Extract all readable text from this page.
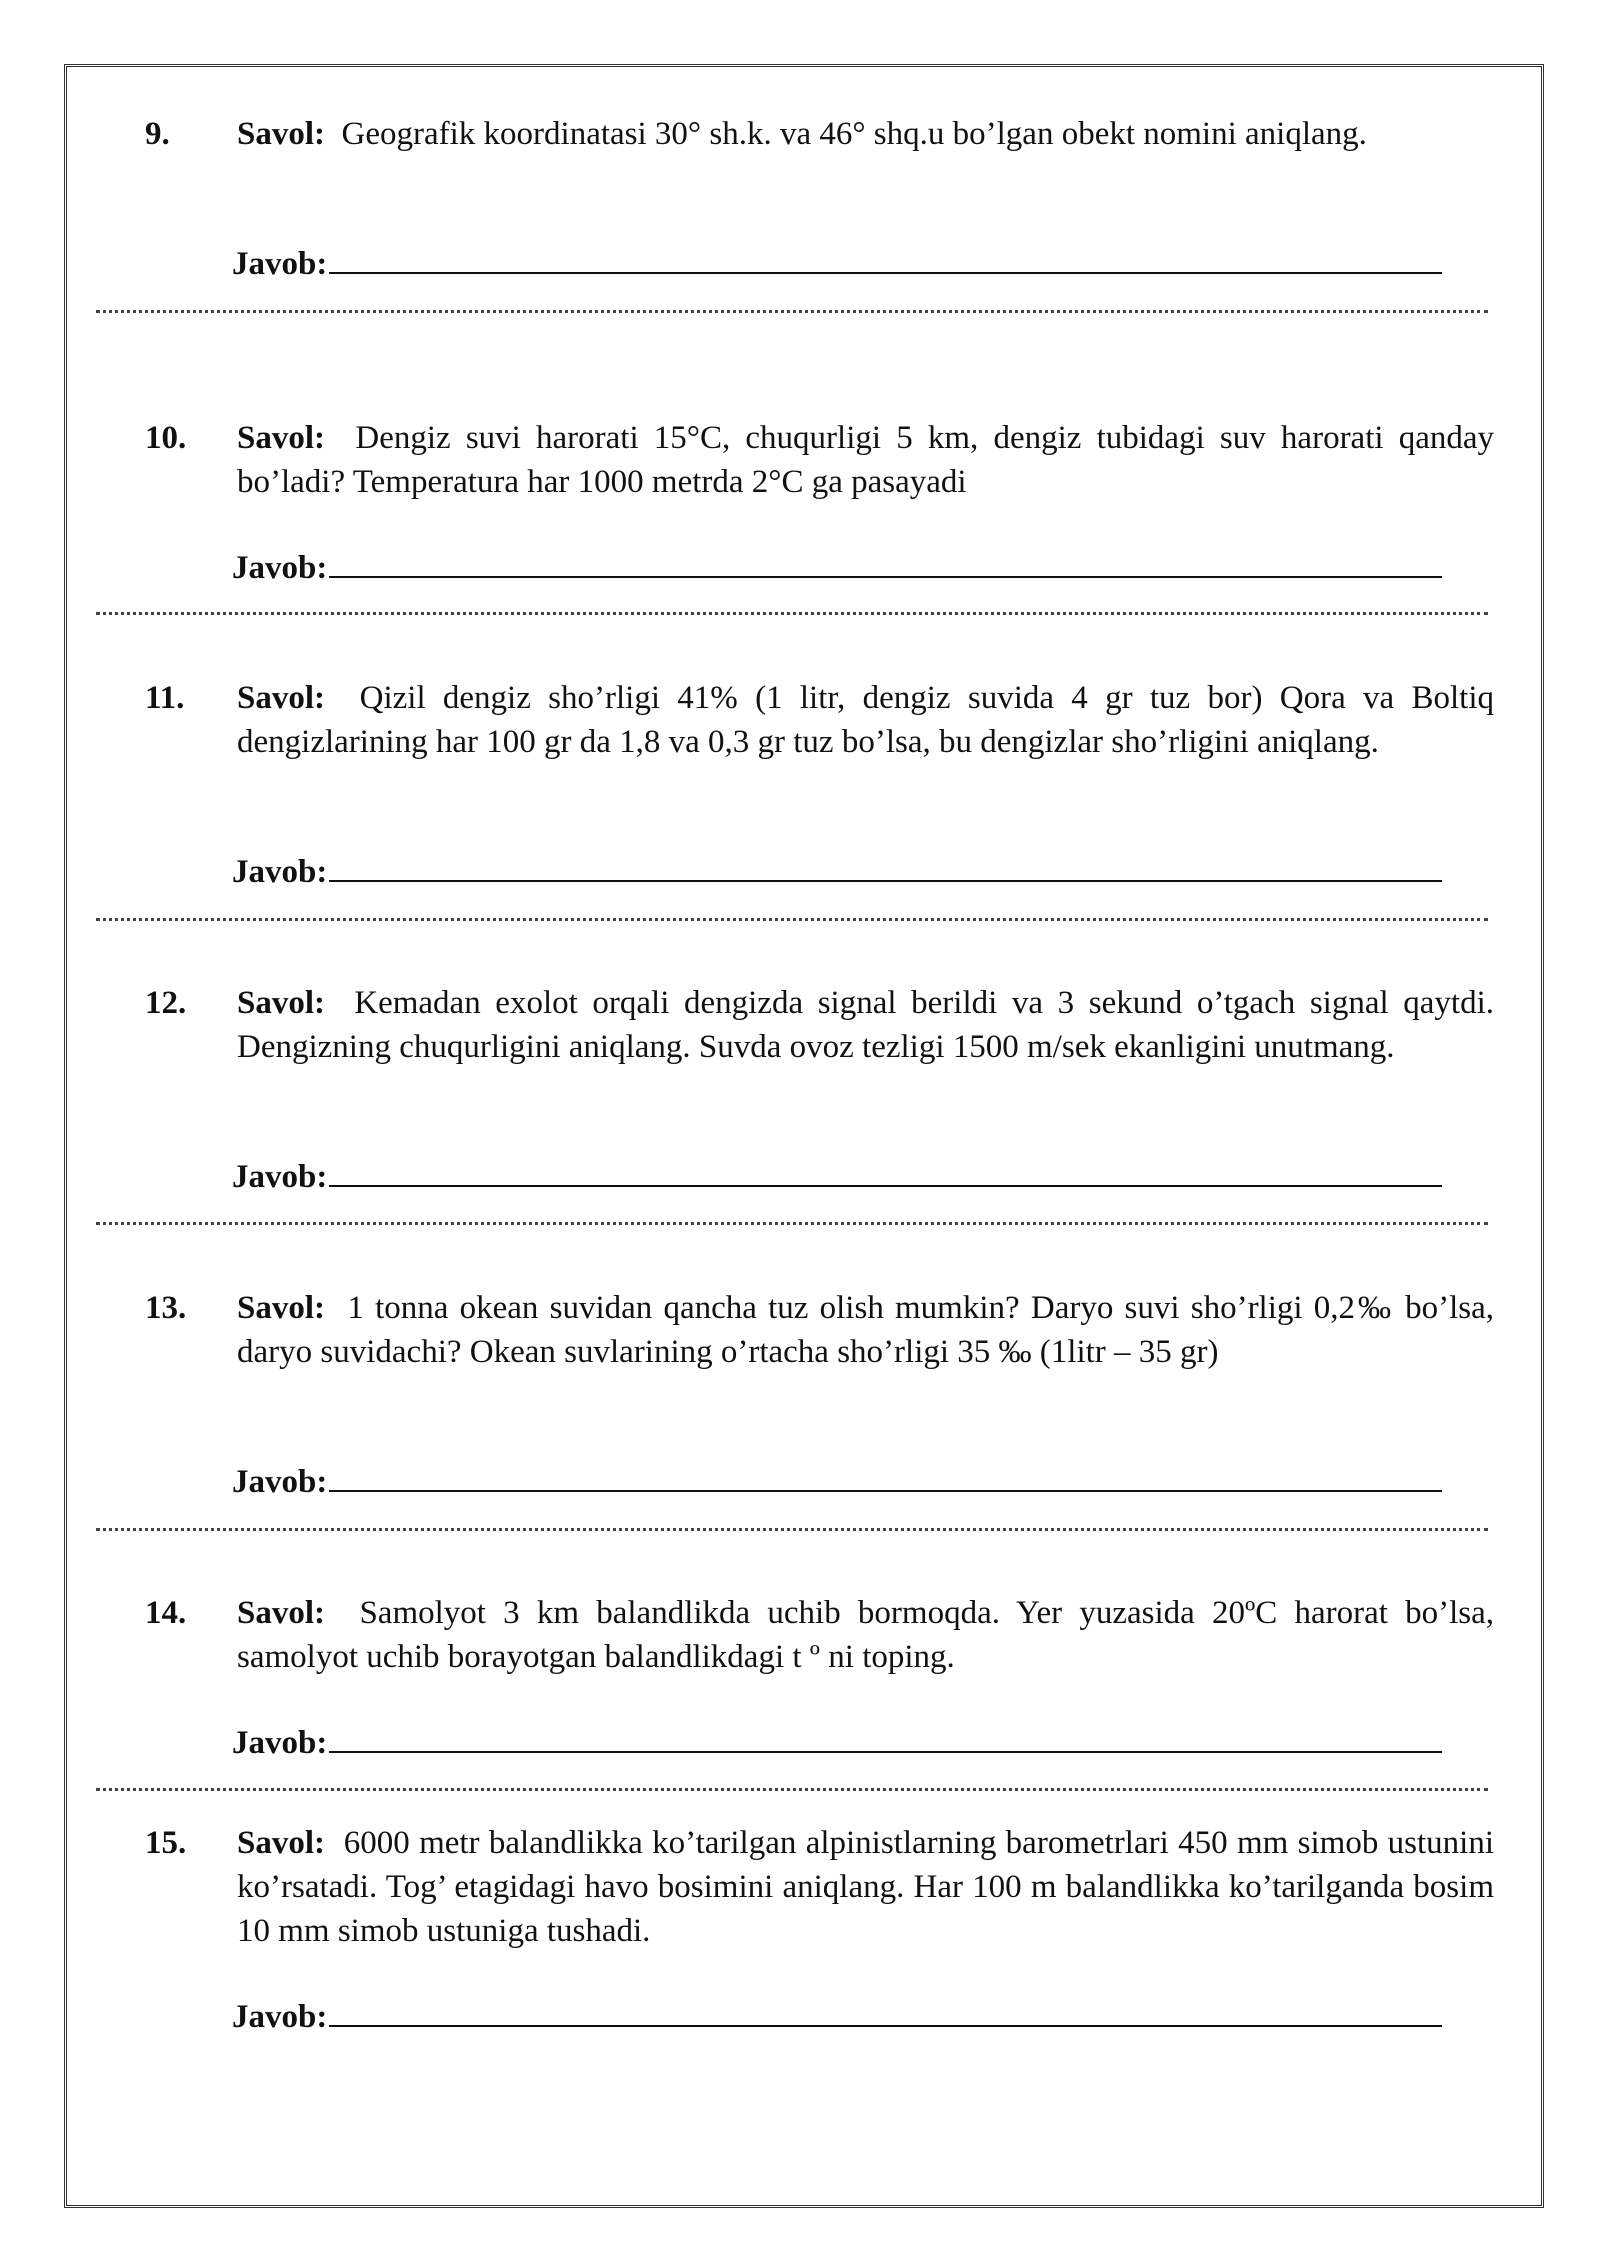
9. Savol: Geografik koordinatasi 30° sh.k. va 46° shq.u bo’lgan obekt nomini aniqlang.
Javob:
10. Savol: Dengiz suvi harorati 15°C, chuqurligi 5 km, dengiz tubidagi suv harorati qanday bo’ladi? Temperatura har 1000 metrda 2°C ga pasayadi
Javob:
11. Savol: Qizil dengiz sho’rligi 41% (1 litr, dengiz suvida 4 gr tuz bor) Qora va Boltiq dengizlarining har 100 gr da 1,8 va 0,3 gr tuz bo’lsa, bu dengizlar sho’rligini aniqlang.
Javob:
12. Savol: Kemadan exolot orqali dengizda signal berildi va 3 sekund o’tgach signal qaytdi. Dengizning chuqurligini aniqlang. Suvda ovoz tezligi 1500 m/sek ekanligini unutmang.
Javob:
13. Savol: 1 tonna okean suvidan qancha tuz olish mumkin? Daryo suvi sho’rligi 0,2‰ bo’lsa, daryo suvidachi? Okean suvlarining o’rtacha sho’rligi 35 ‰ (1litr – 35 gr)
Javob:
14. Savol: Samolyot 3 km balandlikda uchib bormoqda. Yer yuzasida 20ºC harorat bo’lsa, samolyot uchib borayotgan balandlikdagi t º ni toping.
Javob:
15. Savol: 6000 metr balandlikka ko’tarilgan alpinistlarning barometrlari 450 mm simob ustunini ko’rsatadi. Tog’ etagidagi havo bosimini aniqlang. Har 100 m balandlikka ko’tarilganda bosim 10 mm simob ustuniga tushadi.
Javob:
